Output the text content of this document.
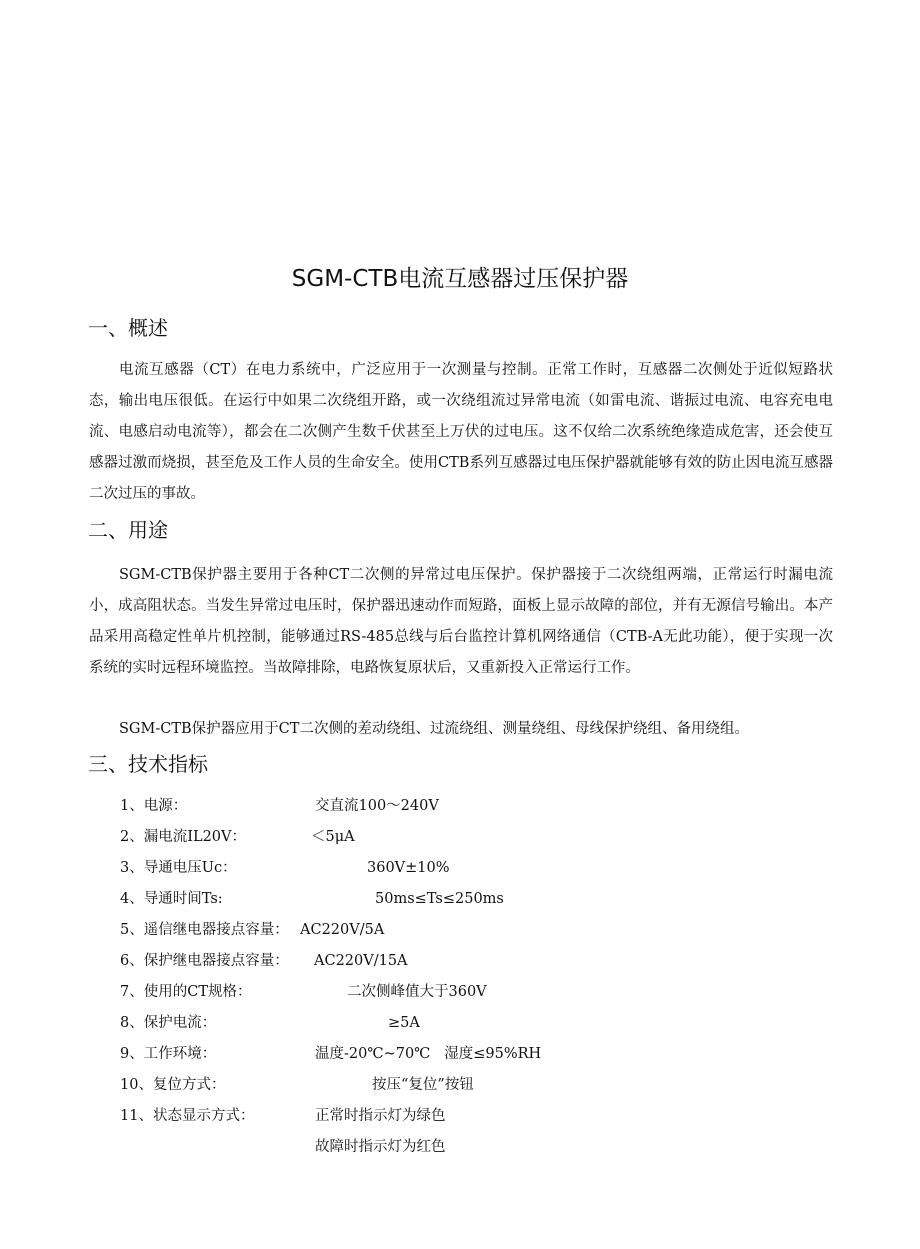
SGM-CTB电流互感器过压保护器
一、概述

电流互感器（CT）在电力系统中，广泛应用于一次测量与控制。正常工作时，互感器二次侧处于近似短路状态，输出电压很低。在运行中如果二次绕组开路，或一次绕组流过异常电流（如雷电流、谐振过电流、电容充电电流、电感启动电流等），都会在二次侧产生数千伏甚至上万伏的过电压。这不仅给二次系统绝缘造成危害，还会使互感器过激而烧损，甚至危及工作人员的生命安全。使用CTB系列互感器过电压保护器就能够有效的防止因电流互感器二次过压的事故。

二、用途

SGM-CTB保护器主要用于各种CT二次侧的异常过电压保护。保护器接于二次绕组两端，正常运行时漏电流小，成高阻状态。当发生异常过电压时，保护器迅速动作而短路，面板上显示故障的部位，并有无源信号输出。本产品采用高稳定性单片机控制，能够通过RS-485总线与后台监控计算机网络通信（CTB-A无此功能），便于实现一次系统的实时远程环境监控。当故障排除，电路恢复原状后，又重新投入正常运行工作。

SGM-CTB保护器应用于CT二次侧的差动绕组、过流绕组、测量绕组、母线保护绕组、备用绕组。

三、技术指标
1、电源：	交直流100～240V
2、漏电流IL20V：	＜5μA
3、导通电压Uc：	360V±10%
4、导通时间Ts:	50ms≤Ts≤250ms
5、遥信继电器接点容量： AC220V/5A
6、保护继电器接点容量： AC220V/15A
7、使用的CT规格：	二次侧峰值大于360V
8、保护电流：	≥5A
9、工作环境：	温度-20℃~70℃   湿度≤95%RH
10、复位方式：	按压“复位”按钮
11、状态显示方式：	正常时指示灯为绿色
故障时指示灯为红色
